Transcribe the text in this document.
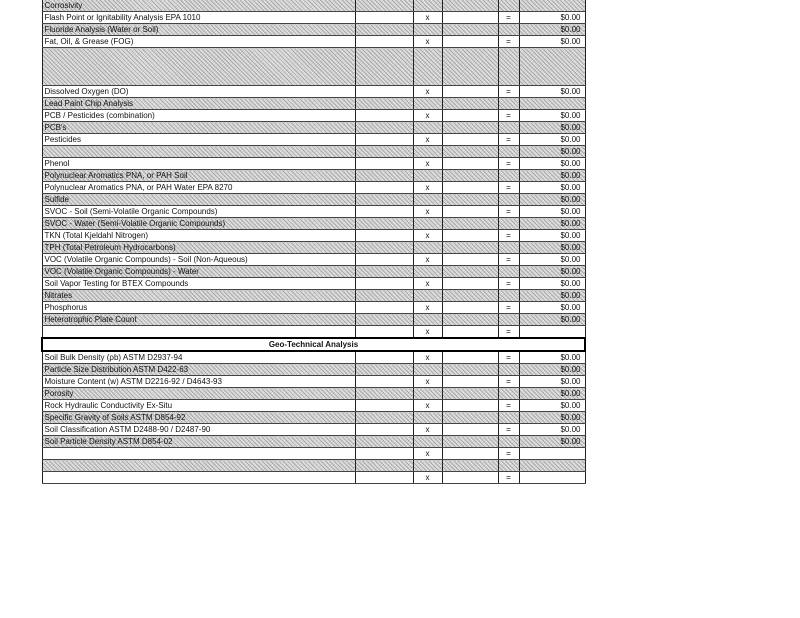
Corrosivity					
Flash Point or Ignitability Analysis EPA 1010		x		=	$0.00
Fluoride Analysis (Water or Soil)					$0.00
Fat, Oil, & Grease (FOG)		x		=	$0.00

Dissolved Oxygen (DO)		x		=	$0.00
Lead Paint Chip Analysis					
PCB / Pesticides (combination)		x		=	$0.00
PCB's					$0.00
Pesticides		x		=	$0.00
					$0.00
Phenol		x		=	$0.00
Polynuclear Aromatics PNA, or PAH Soil					$0.00
Polynuclear Aromatics PNA, or PAH Water EPA 8270		x		=	$0.00
Sulfide					$0.00
SVOC - Soil (Semi-Volatile Organic Compounds)		x		=	$0.00
SVOC - Water (Semi-Volatile Organic Compounds)					$0.00
TKN (Total Kjeldahl Nitrogen)		x		=	$0.00
TPH (Total Petroleum Hydrocarbons)					$0.00
VOC (Volatile Organic Compounds) - Soil (Non-Aqueous)		x		=	$0.00
VOC (Volatile Organic Compounds) - Water					$0.00
Soil Vapor Testing for BTEX Compounds		x		=	$0.00
Nitrates					$0.00
Phosphorus		x		=	$0.00
Heterotrophic Plate Count					$0.00
		x		=	
Geo-Technical Analysis					
Soil Bulk Density (ρb) ASTM D2937-94		x		=	$0.00
Particle Size Distribution ASTM D422-63					$0.00
Moisture Content (w) ASTM D2216-92 / D4643-93		x		=	$0.00
Porosity					$0.00
Rock Hydraulic Conductivity Ex-Situ		x		=	$0.00
Specific Gravity of Soils ASTM D854-92					$0.00
Soil Classification ASTM D2488-90 / D2487-90		x		=	$0.00
Soil Particle Density ASTM D854-02					$0.00
		x		=	

		x		=	
